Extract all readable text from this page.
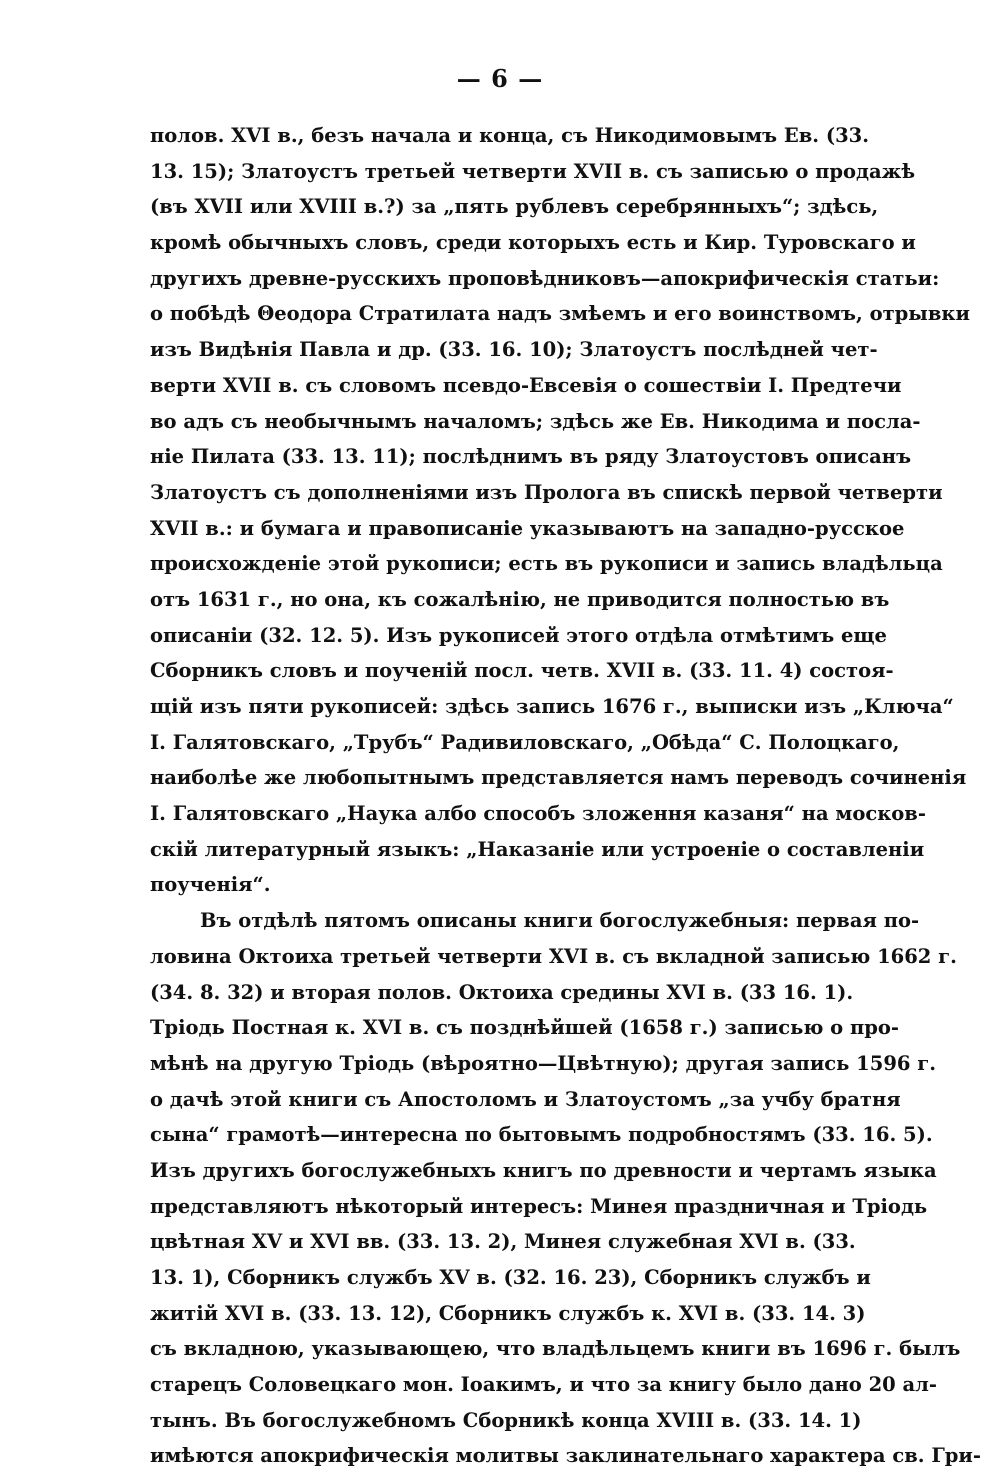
— 6 —
полов. XVI в., безъ начала и конца, съ Никодимовымъ Ев. (33.
13. 15); Златоустъ третьей четверти XVII в. съ записью о продажѣ
(въ XVII или XVIII в.?) за „пять рублевъ серебрянныхъ“; здѣсь,
кромѣ обычныхъ словъ, среди которыхъ есть и Кир. Туровскаго и
другихъ древне-русскихъ проповѣдниковъ—апокрифическія статьи:
о побѣдѣ Θеодора Стратилата надъ змѣемъ и его воинствомъ, отрывки
изъ Видѣнія Павла и др. (33. 16. 10); Златоустъ послѣдней чет-
верти XVII в. съ словомъ псевдо-Евсевія о сошествіи І. Предтечи
во адъ съ необычнымъ началомъ; здѣсь же Ев. Никодима и посла-
ніе Пилата (33. 13. 11); послѣднимъ въ ряду Златоустовъ описанъ
Златоустъ съ дополненіями изъ Пролога въ спискѣ первой четверти
XVII в.: и бумага и правописаніе указываютъ на западно-русское
происхожденіе этой рукописи; есть въ рукописи и запись владѣльца
отъ 1631 г., но она, къ сожалѣнію, не приводится полностью въ
описаніи (32. 12. 5). Изъ рукописей этого отдѣла отмѣтимъ еще
Сборникъ словъ и поученій посл. четв. XVII в. (33. 11. 4) состоя-
щій изъ пяти рукописей: здѣсь запись 1676 г., выписки изъ „Ключа“
І. Галятовскаго, „Трубъ“ Радивиловскаго, „Обѣда“ С. Полоцкаго,
наиболѣе же любопытнымъ представляется намъ переводъ сочиненія
І. Галятовскаго „Наука албо способъ зложення казаня“ на москов-
скій литературный языкъ: „Наказаніе или устроеніе о составленіи
поученія“.
Въ отдѣлѣ пятомъ описаны книги богослужебныя: первая по-
ловина Октоиха третьей четверти XVI в. съ вкладной записью 1662 г.
(34. 8. 32) и вторая полов. Октоиха средины XVI в. (33 16. 1).
Тріодь Постная к. XVI в. съ позднѣйшей (1658 г.) записью о про-
мѣнѣ на другую Тріодь (вѣроятно—Цвѣтную); другая запись 1596 г.
о дачѣ этой книги съ Апостоломъ и Златоустомъ „за учбу братня
сына“ грамотѣ—интересна по бытовымъ подробностямъ (33. 16. 5).
Изъ другихъ богослужебныхъ книгъ по древности и чертамъ языка
представляютъ нѣкоторый интересъ: Минея праздничная и Тріодь
цвѣтная XV и XVI вв. (33. 13. 2), Минея служебная XVI в. (33.
13. 1), Сборникъ службъ XV в. (32. 16. 23), Сборникъ службъ и
житій XVI в. (33. 13. 12), Сборникъ службъ к. XVI в. (33. 14. 3)
съ вкладною, указывающею, что владѣльцемъ книги въ 1696 г. былъ
старецъ Соловецкаго мон. Іоакимъ, и что за книгу было дано 20 ал-
тынъ. Въ богослужебномъ Сборникѣ конца XVIII в. (33. 14. 1)
имѣются апокрифическія молитвы заклинательнаго характера св. Гри-
